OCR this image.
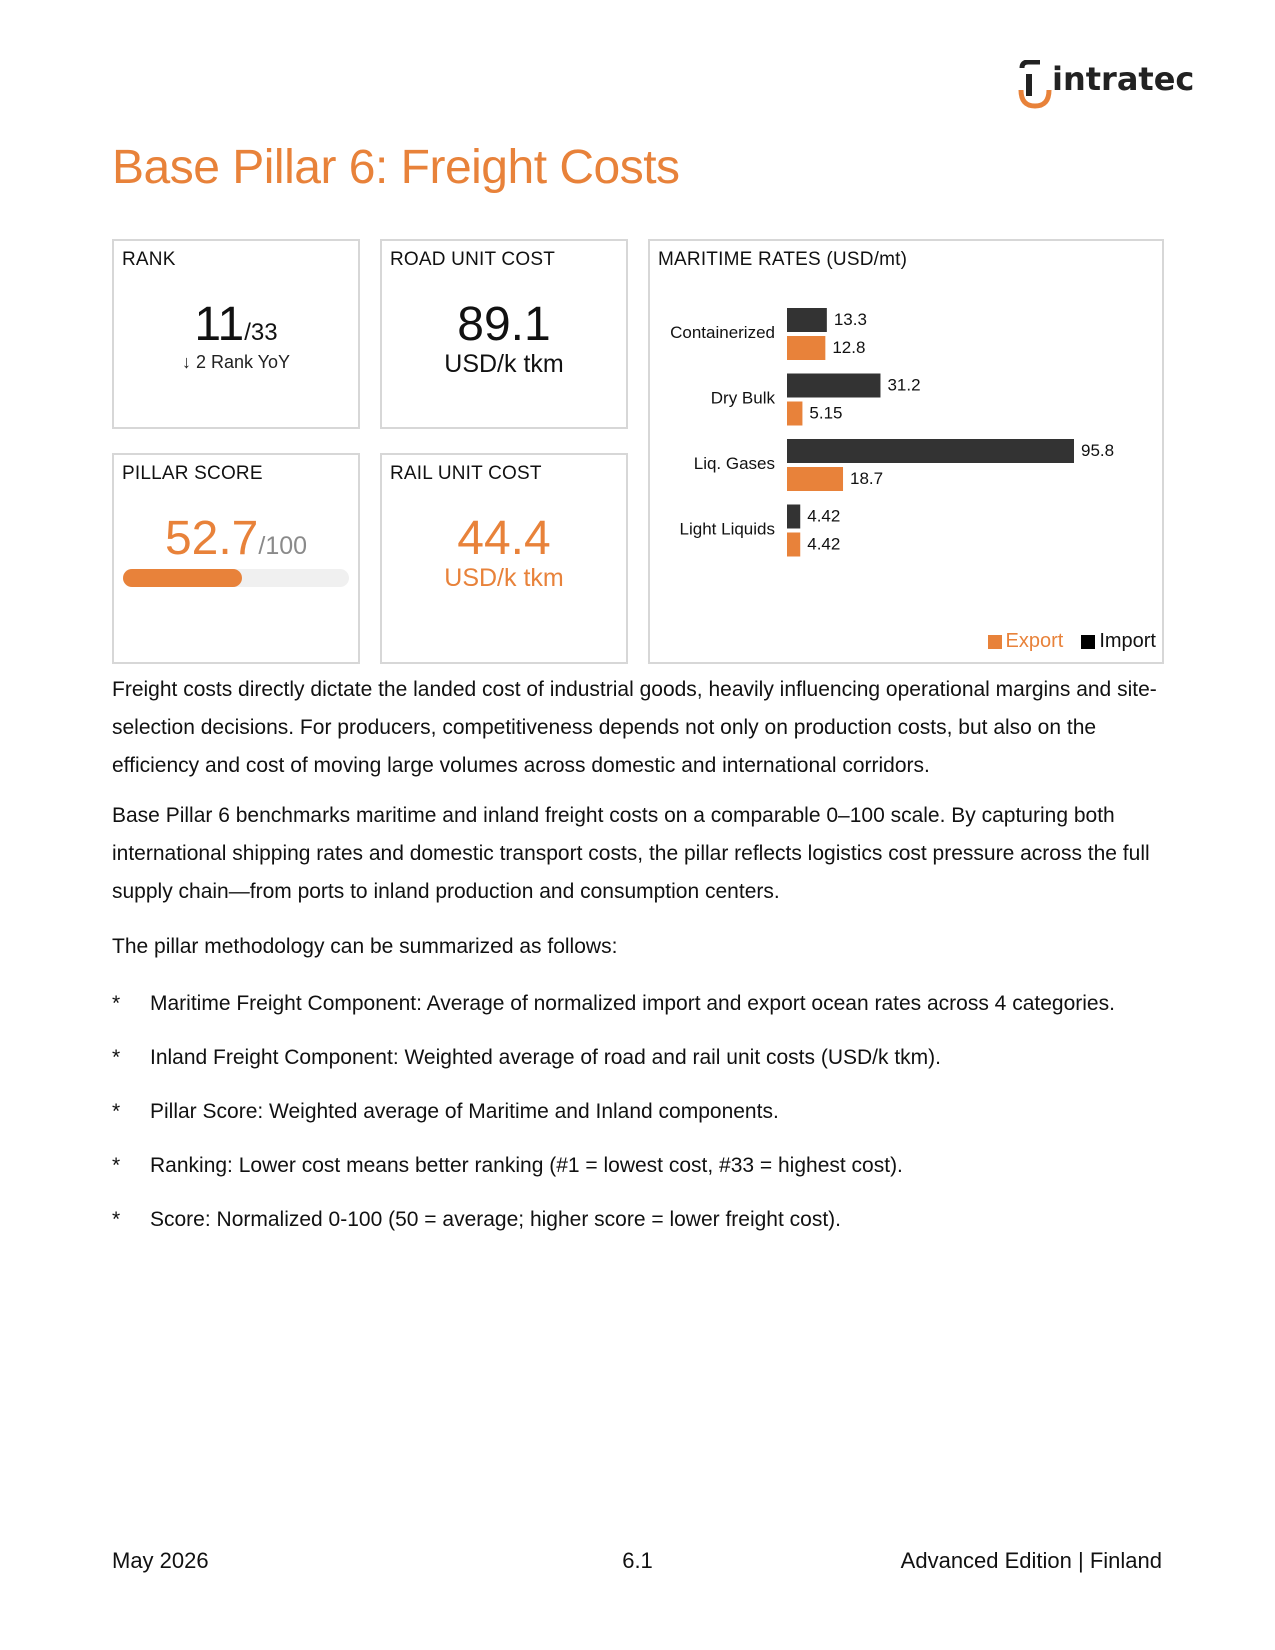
intratec
Base Pillar 6: Freight Costs
RANK
11/33
↓ 2 Rank YoY
ROAD UNIT COST
89.1
USD/k tkm
PILLAR SCORE
52.7/100
RAIL UNIT COST
44.4
USD/k tkm
MARITIME RATES (USD/mt)
Containerized
13.3
12.8
Dry Bulk
31.2
5.15
Liq. Gases
95.8
18.7
Light Liquids
4.42
4.42
Export Import

Freight costs directly dictate the landed cost of industrial goods, heavily influencing operational margins and site-selection decisions. For producers, competitiveness depends not only on production costs, but also on the efficiency and cost of moving large volumes across domestic and international corridors.

Base Pillar 6 benchmarks maritime and inland freight costs on a comparable 0–100 scale. By capturing both international shipping rates and domestic transport costs, the pillar reflects logistics cost pressure across the full supply chain—from ports to inland production and consumption centers.

The pillar methodology can be summarized as follows:

* Maritime Freight Component: Average of normalized import and export ocean rates across 4 categories.
* Inland Freight Component: Weighted average of road and rail unit costs (USD/k tkm).
* Pillar Score: Weighted average of Maritime and Inland components.
* Ranking: Lower cost means better ranking (#1 = lowest cost, #33 = highest cost).
* Score: Normalized 0-100 (50 = average; higher score = lower freight cost).
May 2026	6.1	Advanced Edition | Finland
